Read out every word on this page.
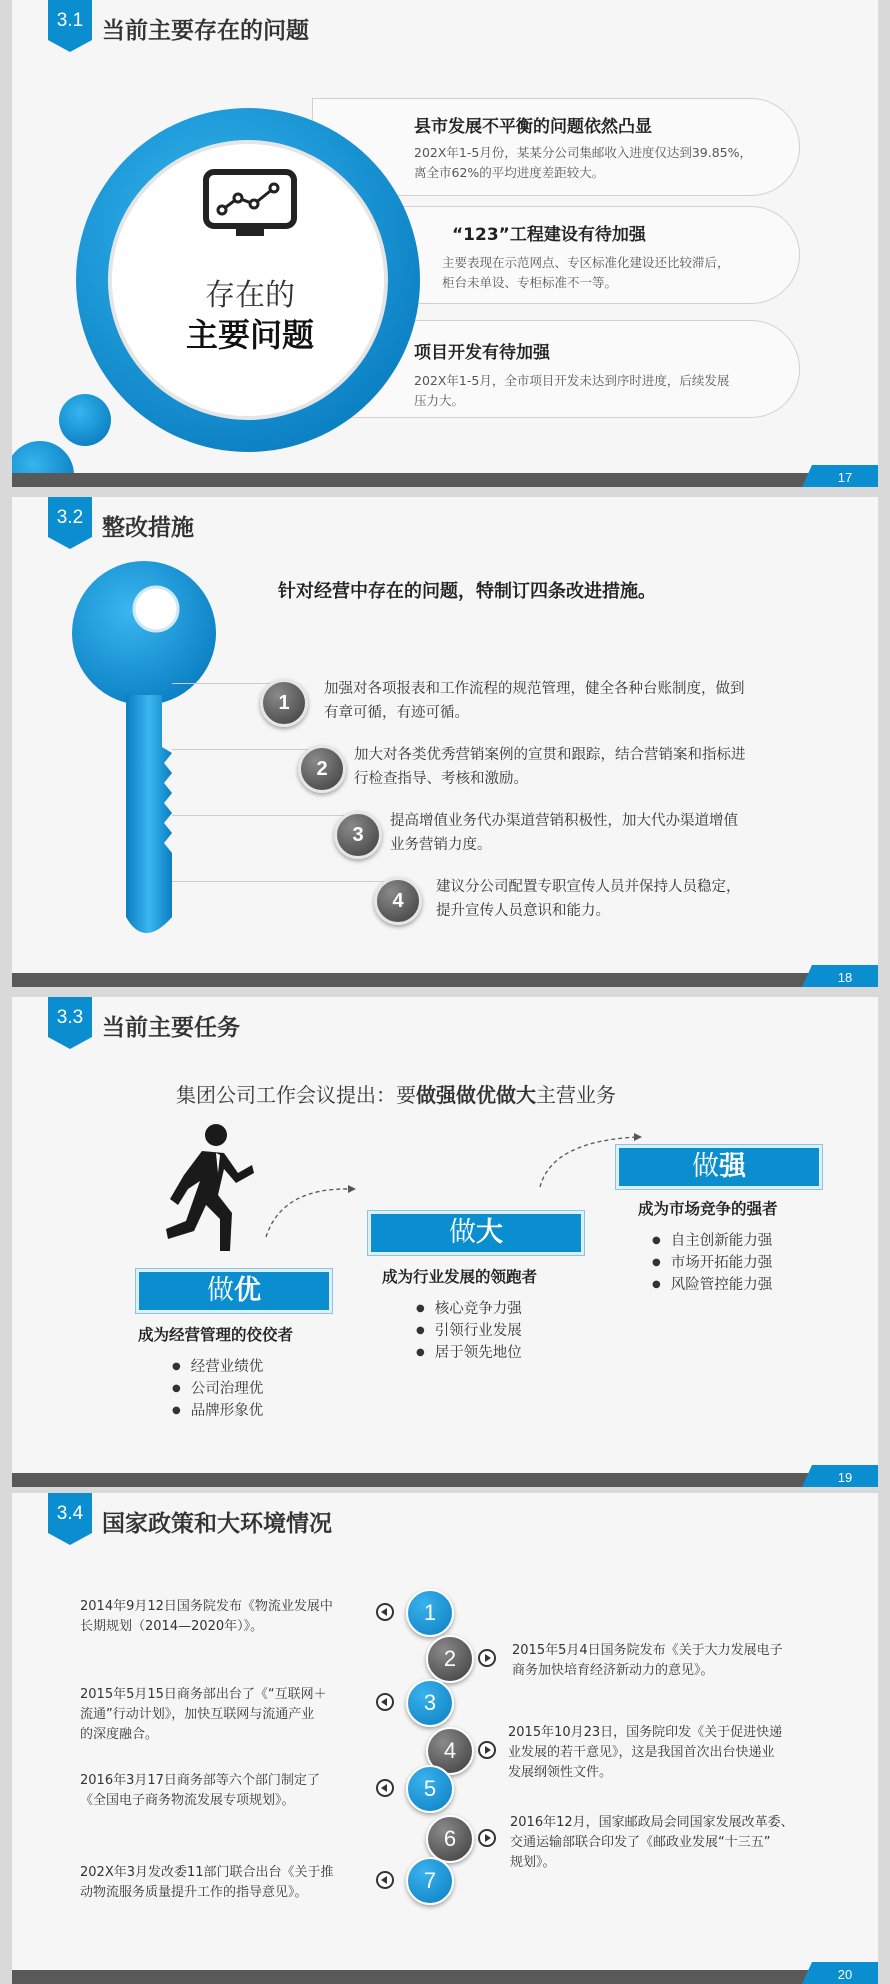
3.1 当前主要存在的问题
存在的
主要问题
县市发展不平衡的问题依然凸显
202X年1-5月份，某某分公司集邮收入进度仅达到39.85%，
离全市62%的平均进度差距较大。
“123”工程建设有待加强
主要表现在示范网点、专区标准化建设还比较滞后，
柜台未单设、专柜标准不一等。
项目开发有待加强
202X年1-5月，全市项目开发未达到序时进度，后续发展
压力大。
17
3.2 整改措施
针对经营中存在的问题，特制订四条改进措施。
1
加强对各项报表和工作流程的规范管理，健全各种台账制度，做到
有章可循，有迹可循。
2
加大对各类优秀营销案例的宣贯和跟踪，结合营销案和指标进
行检查指导、考核和激励。
3
提高增值业务代办渠道营销积极性，加大代办渠道增值
业务营销力度。
4
建议分公司配置专职宣传人员并保持人员稳定，
提升宣传人员意识和能力。
18
3.3 当前主要任务
集团公司工作会议提出：要做强做优做大主营业务
做优
成为经营管理的佼佼者
● 经营业绩优
● 公司治理优
● 品牌形象优
做大
成为行业发展的领跑者
● 核心竞争力强
● 引领行业发展
● 居于领先地位
做强
成为市场竞争的强者
● 自主创新能力强
● 市场开拓能力强
● 风险管控能力强
19
3.4 国家政策和大环境情况
2014年9月12日国务院发布《物流业发展中
长期规划（2014—2020年）》。
1
2	2015年5月4日国务院发布《关于大力发展电子
商务加快培育经济新动力的意见》。
2015年5月15日商务部出台了《“互联网＋
流通”行动计划》，加快互联网与流通产业
的深度融合。
3
4
2015年10月23日，国务院印发《关于促进快递
业发展的若干意见》，这是我国首次出台快递业
发展纲领性文件。
2016年3月17日商务部等六个部门制定了
《全国电子商务物流发展专项规划》。	5
6
2016年12月，国家邮政局会同国家发展改革委、
交通运输部联合印发了《邮政业发展“十三五”
规划》。
202X年3月发改委11部门联合出台《关于推
动物流服务质量提升工作的指导意见》。	7
20
